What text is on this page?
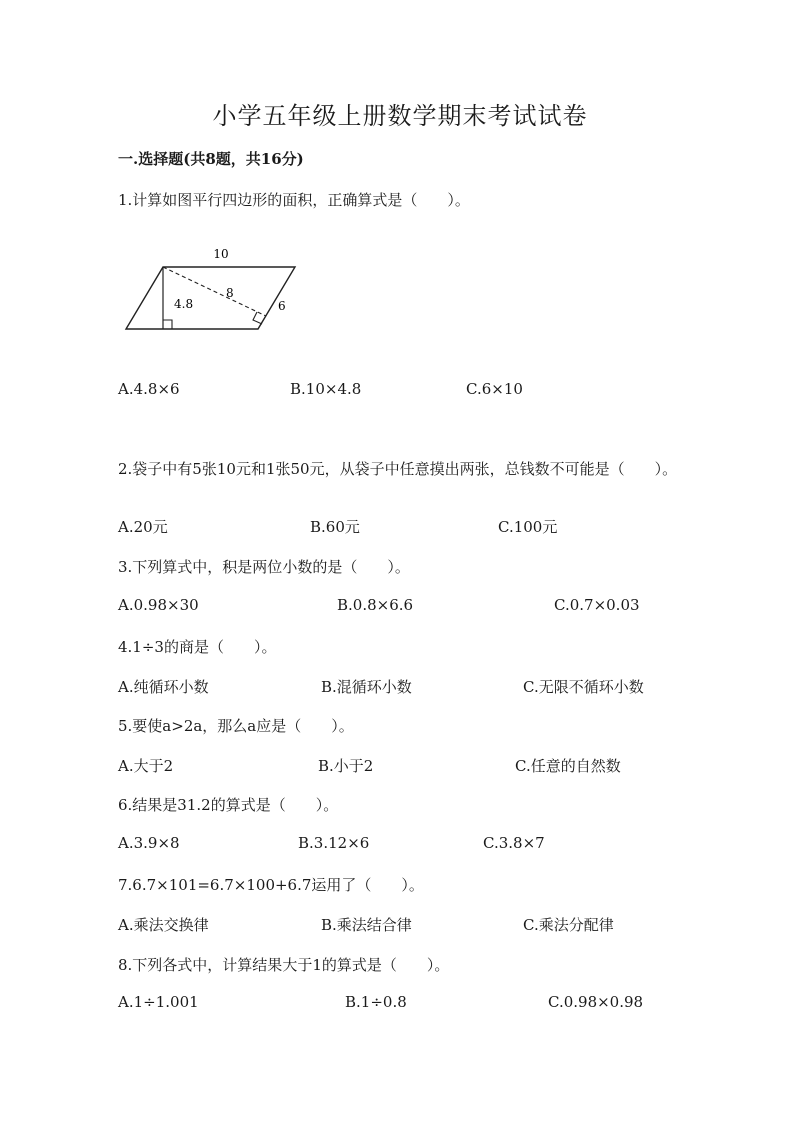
小学五年级上册数学期末考试试卷
一.选择题(共8题，共16分)
1.计算如图平行四边形的面积，正确算式是（　　）。
10
4.8
8
6
A.4.8×6	B.10×4.8	C.6×10
2.袋子中有5张10元和1张50元，从袋子中任意摸出两张，总钱数不可能是（　　）。
A.20元	B.60元	C.100元
3.下列算式中，积是两位小数的是（　　）。
A.0.98×30	B.0.8×6.6	C.0.7×0.03
4.1÷3的商是（　　）。
A.纯循环小数	B.混循环小数	C.无限不循环小数
5.要使a>2a，那么a应是（　　）。
A.大于2	B.小于2	C.任意的自然数
6.结果是31.2的算式是（　　）。
A.3.9×8	B.3.12×6	C.3.8×7
7.6.7×101=6.7×100+6.7运用了（　　）。
A.乘法交换律	B.乘法结合律	C.乘法分配律
8.下列各式中，计算结果大于1的算式是（　　）。
A.1÷1.001	B.1÷0.8	C.0.98×0.98
